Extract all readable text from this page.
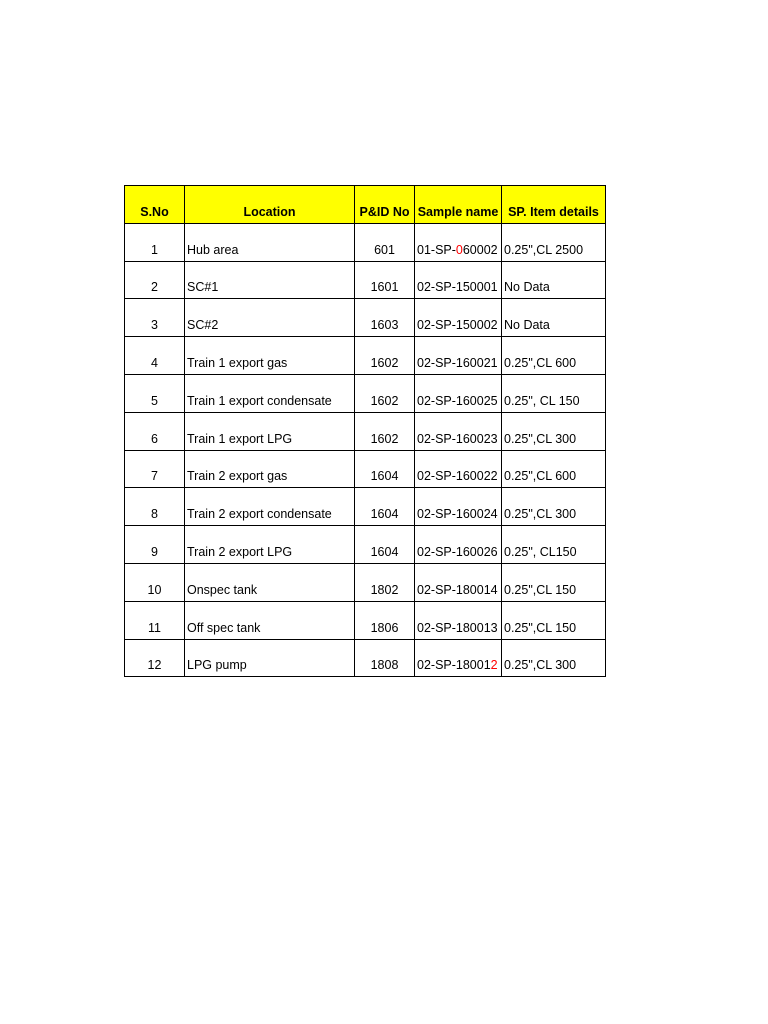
S.No	Location	P&ID No	Sample name	SP. Item details
1	Hub area	601	01-SP-060002	0.25",CL 2500
2	SC#1	1601	02-SP-150001	No Data
3	SC#2	1603	02-SP-150002	No Data
4	Train 1 export gas	1602	02-SP-160021	0.25",CL 600
5	Train 1 export condensate	1602	02-SP-160025	0.25", CL 150
6	Train 1 export LPG	1602	02-SP-160023	0.25",CL 300
7	Train 2 export gas	1604	02-SP-160022	0.25",CL 600
8	Train 2 export condensate	1604	02-SP-160024	0.25",CL 300
9	Train 2 export LPG	1604	02-SP-160026	0.25", CL150
10	Onspec tank	1802	02-SP-180014	0.25",CL 150
11	Off spec tank	1806	02-SP-180013	0.25",CL 150
12	LPG pump	1808	02-SP-180012	0.25",CL 300
